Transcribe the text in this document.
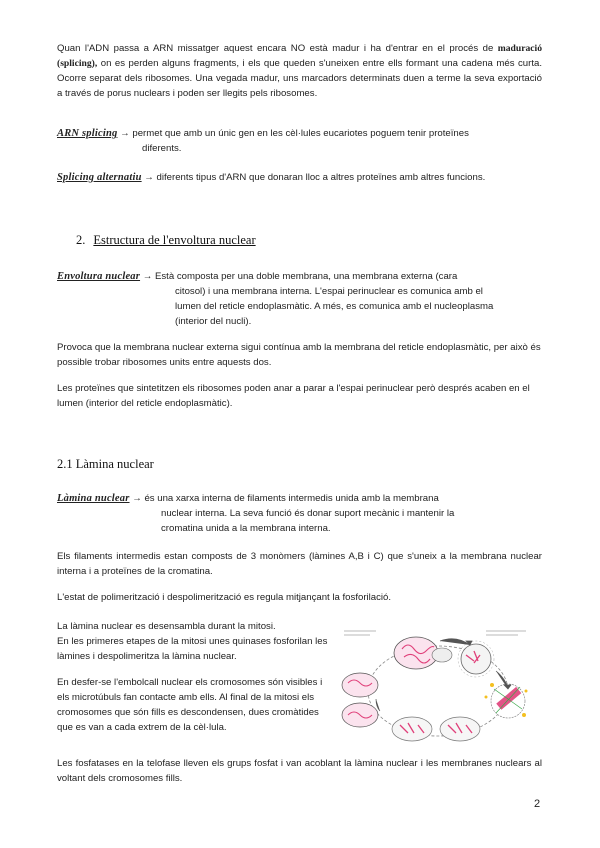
Quan l'ADN passa a ARN missatger aquest encara NO està madur i ha d'entrar en el procés de maduració (splicing), on es perden alguns fragments, i els que queden s'uneixen entre ells formant una cadena més curta. Ocorre separat dels ribosomes. Una vegada madur, uns marcadors determinats duen a terme la seva exportació a través de porus nuclears i poden ser llegits pels ribosomes.
ARN splicing → permet que amb un únic gen en les cèl·lules eucariotes poguem tenir proteïnes
diferents.
Splicing alternatiu → diferents tipus d'ARN que donaran lloc a altres proteïnes amb altres funcions.
2. Estructura de l'envoltura nuclear
Envoltura nuclear → Està composta per una doble membrana, una membrana externa (cara
citosol) i una membrana interna. L'espai perinuclear es comunica amb el
lumen del reticle endoplasmàtic. A més, es comunica amb el nucleoplasma
(interior del nucli).
Provoca que la membrana nuclear externa sigui contínua amb la membrana del reticle endoplasmàtic, per això és possible trobar ribosomes units entre aquests dos.
Les proteïnes que sintetitzen els ribosomes poden anar a parar a l'espai perinuclear però després acaben en el lumen (interior del reticle endoplasmàtic).
2.1 Làmina nuclear
Làmina nuclear → és una xarxa interna de filaments intermedis unida amb la membrana
nuclear interna. La seva funció és donar suport mecànic i mantenir la
cromatina unida a la membrana interna.
Els filaments intermedis estan composts de 3 monòmers (làmines A,B i C) que s'uneix a la membrana nuclear interna i a proteïnes de la cromatina.
L'estat de polimerització i despolimerització es regula mitjançant la fosforilació.
La làmina nuclear es desensambla durant la mitosi.
En les primeres etapes de la mitosi unes quinases fosforilan les làmines i despolimeritza la làmina nuclear.
En desfer-se l'embolcall nuclear els cromosomes són visibles i els microtúbuls fan contacte amb ells. Al final de la mitosi els cromosomes que són fills es descondensen, dues cromàtides que es van a cada extrem de la cèl·lula.
Les fosfatases en la telofase lleven els grups fosfat i van acoblant la làmina nuclear i les membranes nuclears al voltant dels cromosomes fills.
2
